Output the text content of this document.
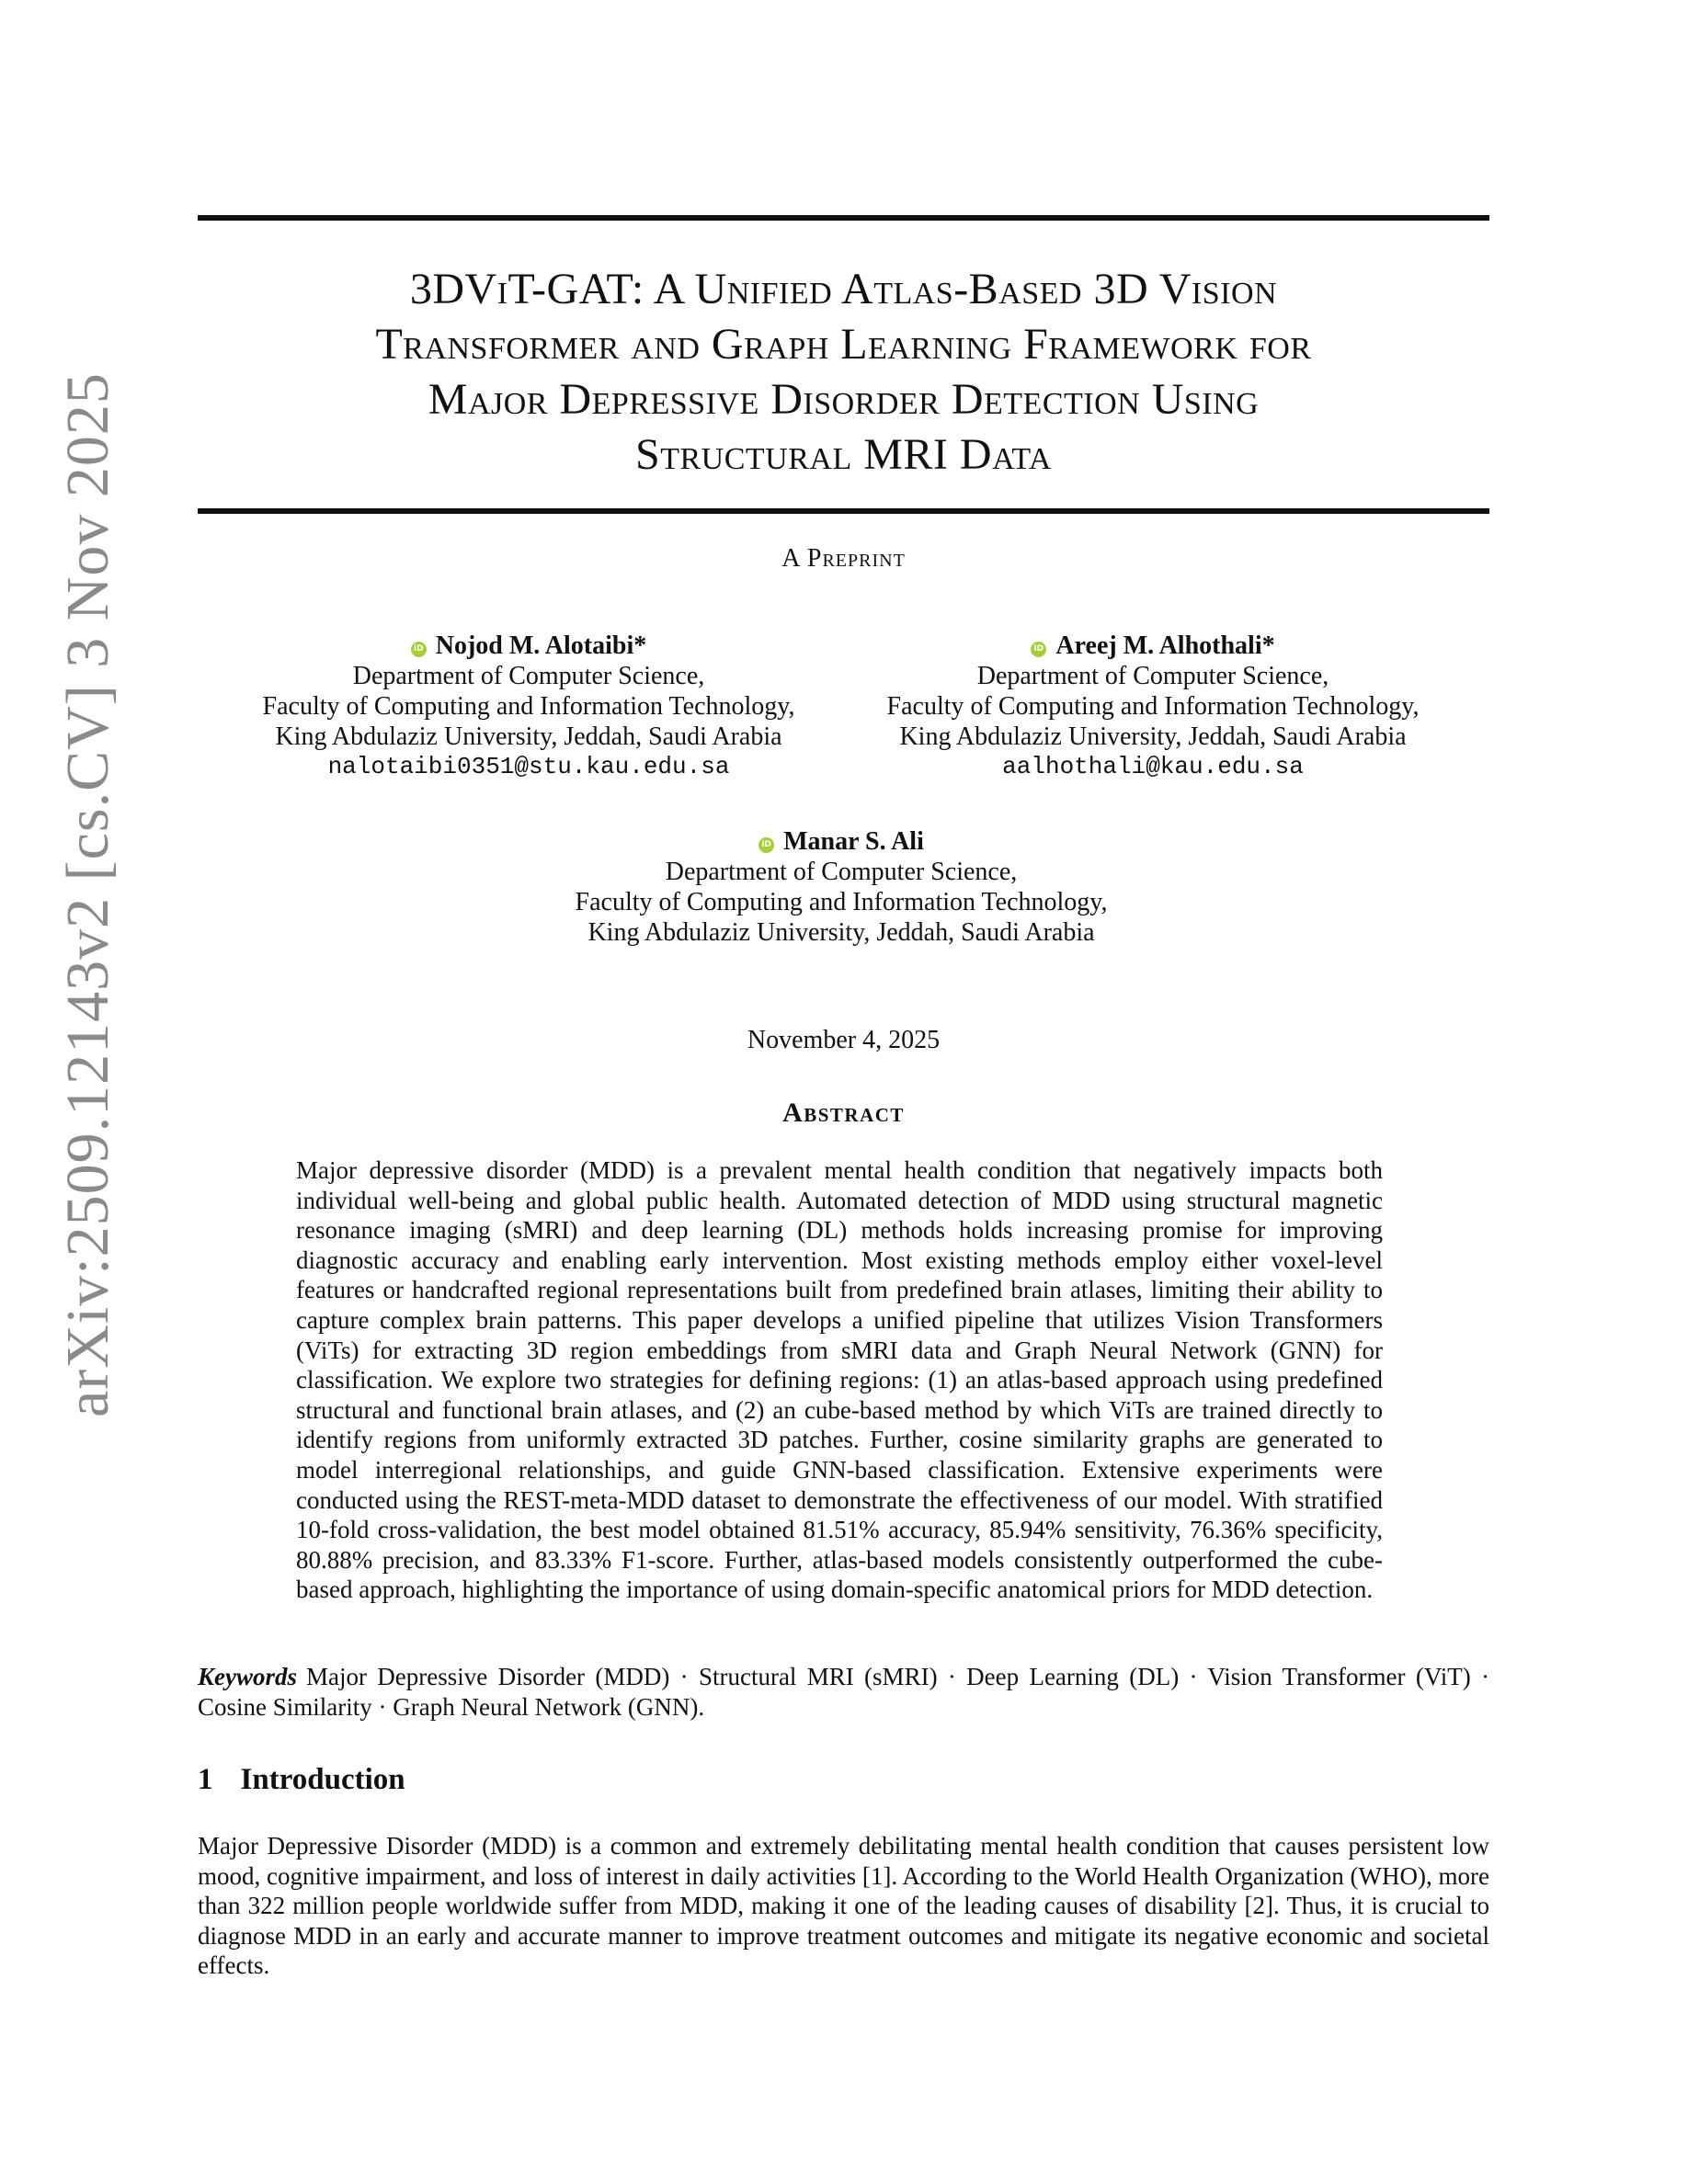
arXiv:2509.12143v2 [cs.CV] 3 Nov 2025
3DViT-GAT: A Unified Atlas-Based 3D Vision
Transformer and Graph Learning Framework for
Major Depressive Disorder Detection Using
Structural MRI Data
A Preprint
iD Nojod M. Alotaibi*
Department of Computer Science,
Faculty of Computing and Information Technology,
King Abdulaziz University, Jeddah, Saudi Arabia
nalotaibi0351@stu.kau.edu.sa
iD Areej M. Alhothali*
Department of Computer Science,
Faculty of Computing and Information Technology,
King Abdulaziz University, Jeddah, Saudi Arabia
aalhothali@kau.edu.sa
iD Manar S. Ali
Department of Computer Science,
Faculty of Computing and Information Technology,
King Abdulaziz University, Jeddah, Saudi Arabia
November 4, 2025
Abstract
Major depressive disorder (MDD) is a prevalent mental health condition that negatively impacts both individual well-being and global public health. Automated detection of MDD using structural magnetic resonance imaging (sMRI) and deep learning (DL) methods holds increasing promise for improving diagnostic accuracy and enabling early intervention. Most existing methods employ either voxel-level features or handcrafted regional representations built from predefined brain atlases, limiting their ability to capture complex brain patterns. This paper develops a unified pipeline that utilizes Vision Transformers (ViTs) for extracting 3D region embeddings from sMRI data and Graph Neural Network (GNN) for classification. We explore two strategies for defining regions: (1) an atlas-based approach using predefined structural and functional brain atlases, and (2) an cube-based method by which ViTs are trained directly to identify regions from uniformly extracted 3D patches. Further, cosine similarity graphs are generated to model interregional relationships, and guide GNN-based classification. Extensive experiments were conducted using the REST-meta-MDD dataset to demonstrate the effectiveness of our model. With stratified 10-fold cross-validation, the best model obtained 81.51% accuracy, 85.94% sensitivity, 76.36% specificity, 80.88% precision, and 83.33% F1-score. Further, atlas-based models consistently outperformed the cube-based approach, highlighting the importance of using domain-specific anatomical priors for MDD detection.
Keywords Major Depressive Disorder (MDD) · Structural MRI (sMRI) · Deep Learning (DL) · Vision Transformer (ViT) · Cosine Similarity · Graph Neural Network (GNN).
1 Introduction
Major Depressive Disorder (MDD) is a common and extremely debilitating mental health condition that causes persistent low mood, cognitive impairment, and loss of interest in daily activities [1]. According to the World Health Organization (WHO), more than 322 million people worldwide suffer from MDD, making it one of the leading causes of disability [2]. Thus, it is crucial to diagnose MDD in an early and accurate manner to improve treatment outcomes and mitigate its negative economic and societal effects.
